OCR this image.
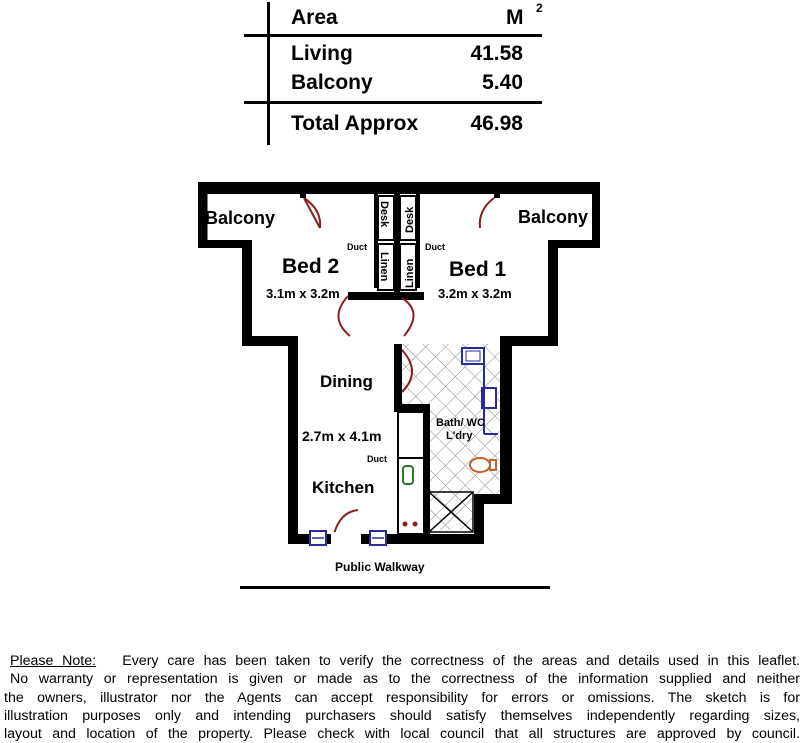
Area	M 2
Living	41.58
Balcony	5.40
Total Approx	46.98
Balcony	Balcony
Bed 2
3.1m x 3.2m
Bed 1
3.2m x 3.2m
Desk Desk
Linen Linen
Duct	Duct
Dining
2.7m x 4.1m
Bath/ WC
L'dry
Duct
Kitchen
Public Walkway
Please Note: Every care has been taken to verify the correctness of the areas and details used in this leaflet.
No warranty or representation is given or made as to the correctness of the information supplied and neither
the owners, illustrator nor the Agents can accept responsibility for errors or omissions. The sketch is for
illustration purposes only and intending purchasers should satisfy themselves independently regarding sizes,
layout and location of the property. Please check with local council that all structures are approved by council.
